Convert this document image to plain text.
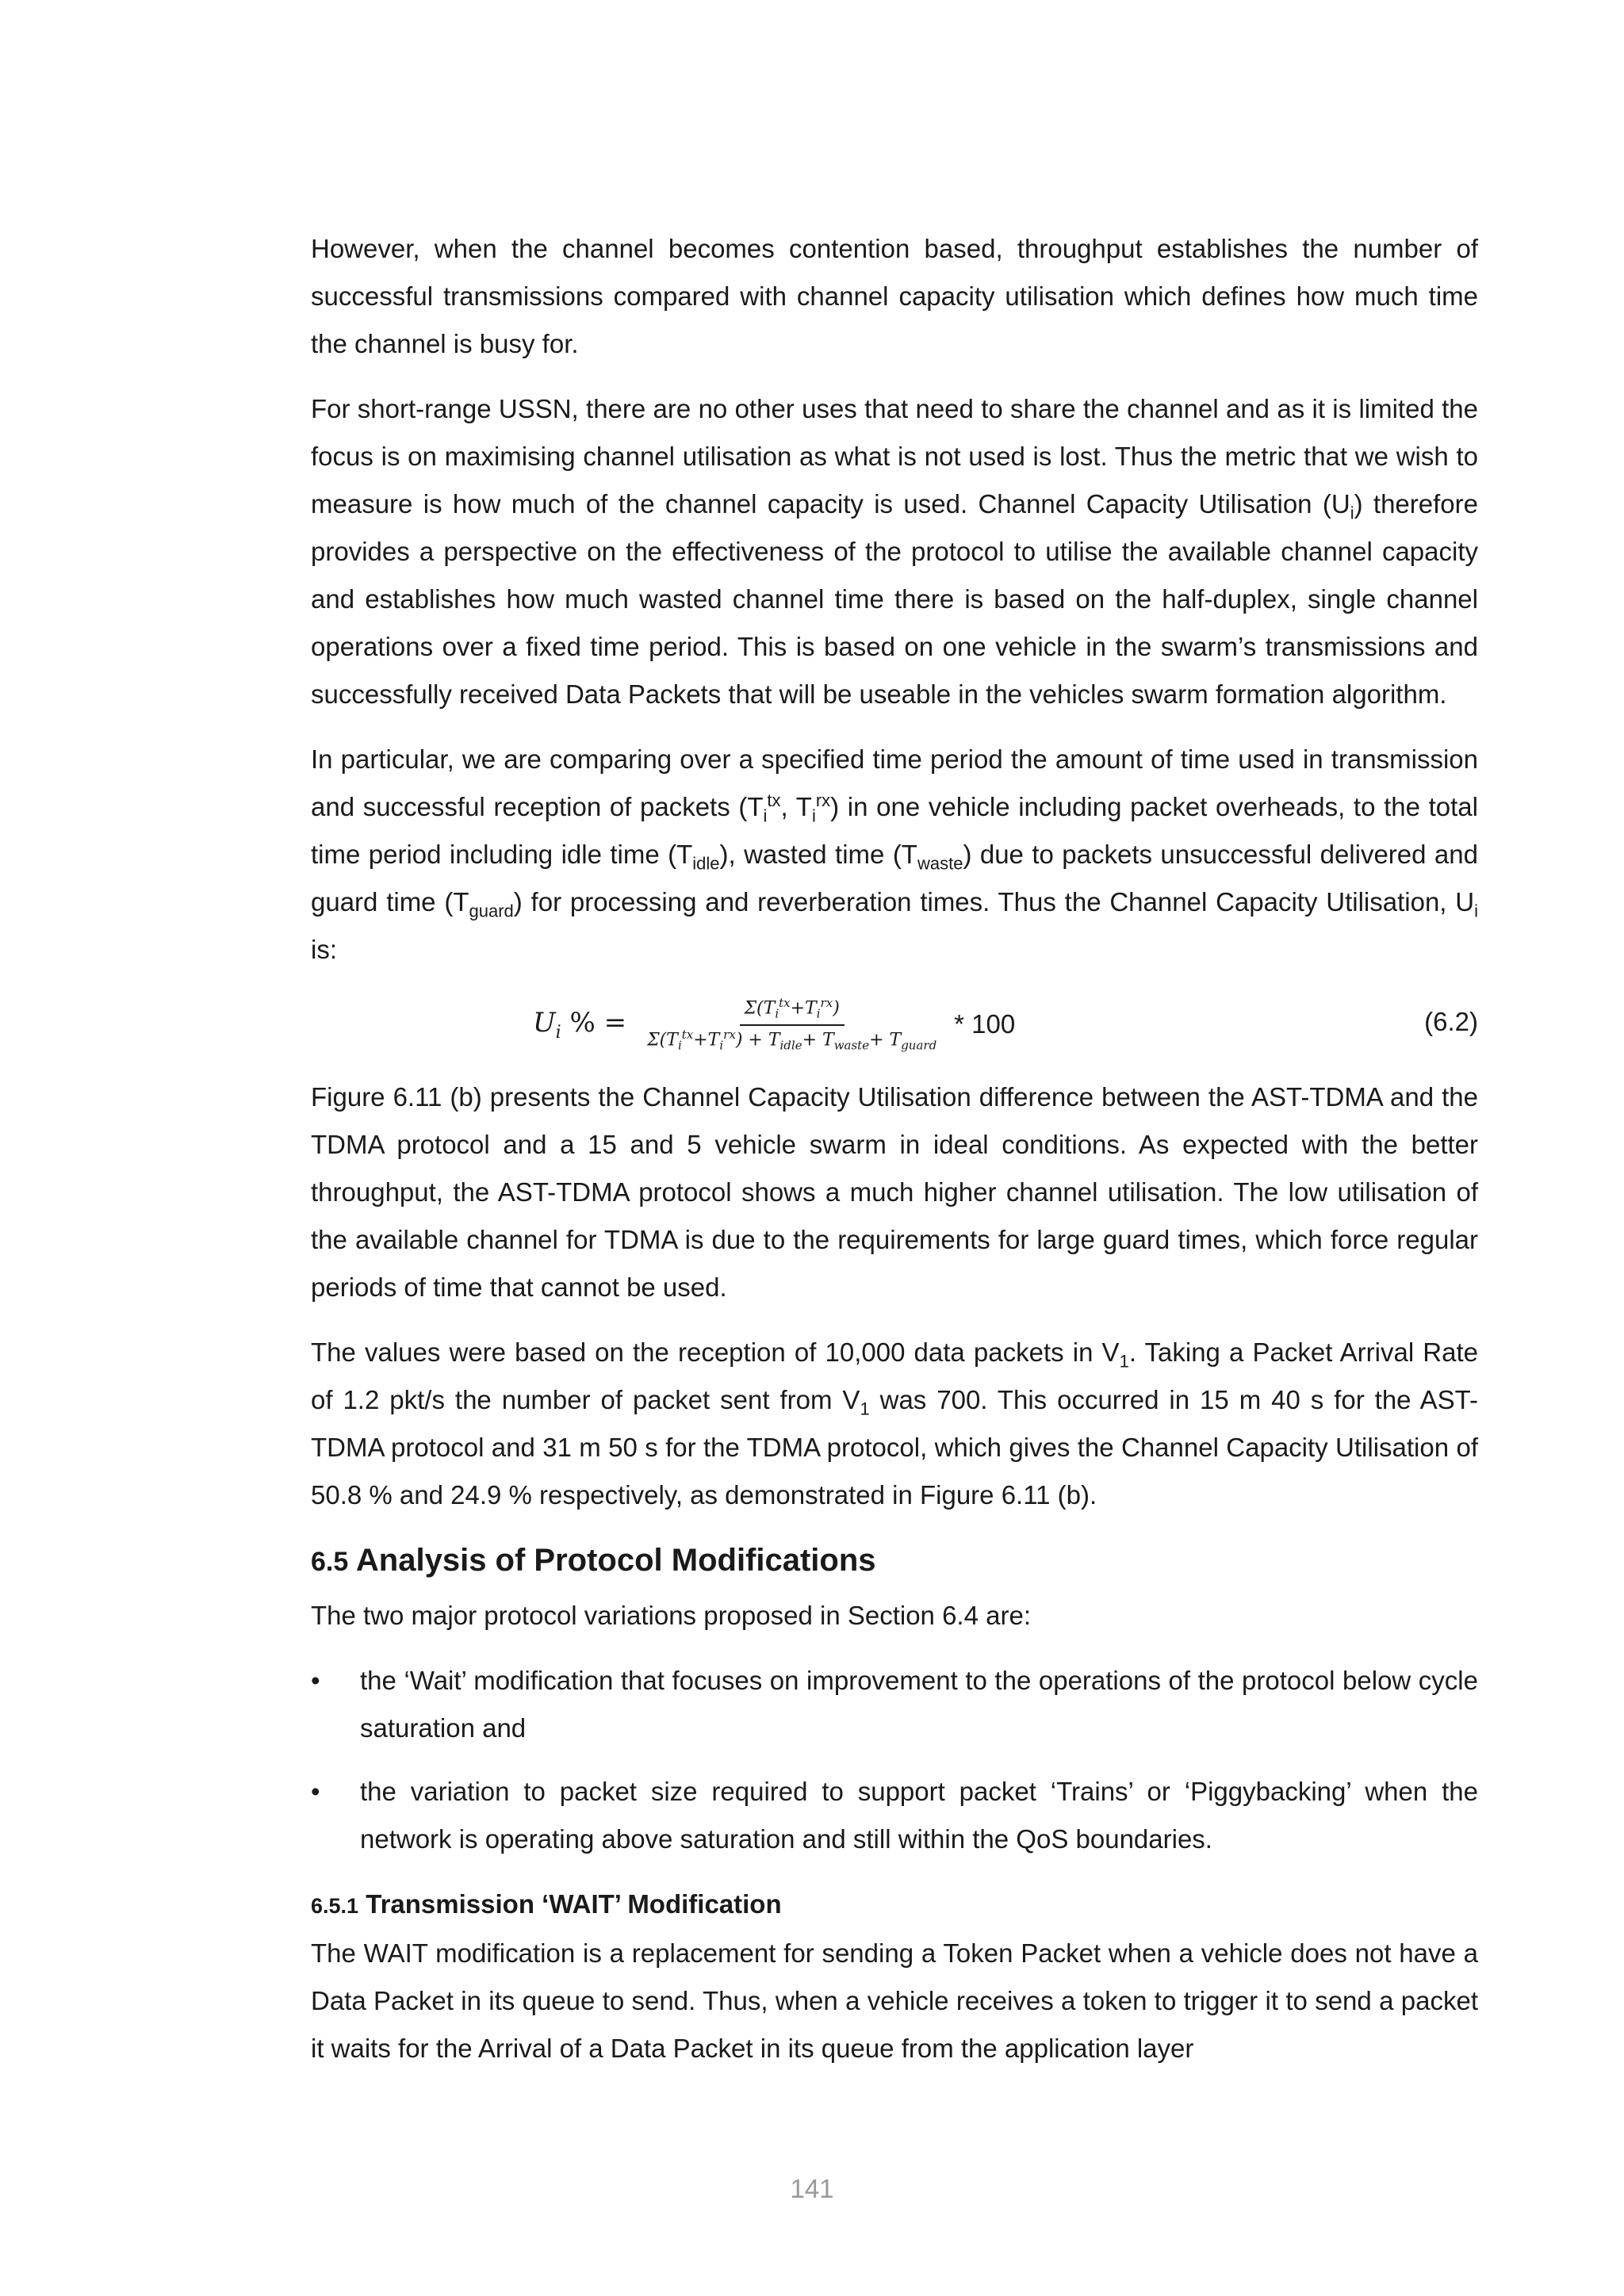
However, when the channel becomes contention based, throughput establishes the number of successful transmissions compared with channel capacity utilisation which defines how much time the channel is busy for.

For short-range USSN, there are no other uses that need to share the channel and as it is limited the focus is on maximising channel utilisation as what is not used is lost. Thus the metric that we wish to measure is how much of the channel capacity is used. Channel Capacity Utilisation $(U_i)$ therefore provides a perspective on the effectiveness of the protocol to utilise the available channel capacity and establishes how much wasted channel time there is based on the half-duplex, single channel operations over a fixed time period. This is based on one vehicle in the swarm’s transmissions and successfully received Data Packets that will be useable in the vehicles swarm formation algorithm.

In particular, we are comparing over a specified time period the amount of time used in transmission and successful reception of packets ($T_i^{tx}$, $T_i^{rx}$) in one vehicle including packet overheads, to the total time period including idle time $(T_{idle})$, wasted time $(T_{waste})$ due to packets unsuccessful delivered and guard time $(T_{guard})$ for processing and reverberation times. Thus the Channel Capacity Utilisation, $U_i$ is:

$U_i$ % = $\frac{\Sigma(T_i^{tx}+T_i^{rx})}{\Sigma(T_i^{tx}+T_i^{rx}) + T_{idle}+ T_{waste}+ T_{guard}} * 100$	(6.2)

Figure 6.11 (b) presents the Channel Capacity Utilisation difference between the AST-TDMA and the TDMA protocol and a 15 and 5 vehicle swarm in ideal conditions. As expected with the better throughput, the AST-TDMA protocol shows a much higher channel utilisation. The low utilisation of the available channel for TDMA is due to the requirements for large guard times, which force regular periods of time that cannot be used.

The values were based on the reception of 10,000 data packets in $V_1$. Taking a Packet Arrival Rate of 1.2 pkt/s the number of packet sent from $V_1$ was 700. This occurred in 15 m 40 s for the AST-TDMA protocol and 31 m 50 s for the TDMA protocol, which gives the Channel Capacity Utilisation of 50.8 % and 24.9 % respectively, as demonstrated in Figure 6.11 (b).

6.5 Analysis of Protocol Modifications

The two major protocol variations proposed in Section 6.4 are:

• the ‘Wait’ modification that focuses on improvement to the operations of the protocol below cycle saturation and
• the variation to packet size required to support packet ‘Trains’ or ‘Piggybacking’ when the network is operating above saturation and still within the QoS boundaries.
6.5.1 Transmission ‘WAIT’ Modification

The WAIT modification is a replacement for sending a Token Packet when a vehicle does not have a Data Packet in its queue to send. Thus, when a vehicle receives a token to trigger it to send a packet it waits for the Arrival of a Data Packet in its queue from the application layer

141
